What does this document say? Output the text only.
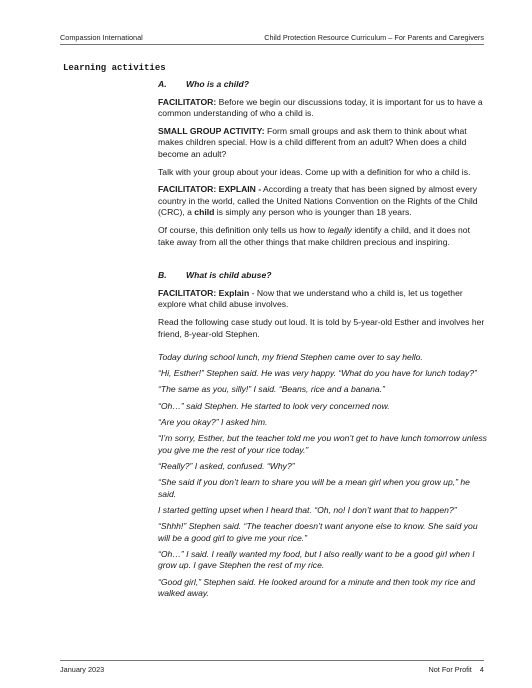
Compassion International	Child Protection Resource Curriculum – For Parents and Caregivers
Learning activities

A. Who is a child?

FACILITATOR: Before we begin our discussions today, it is important for us to have a common understanding of who a child is.

SMALL GROUP ACTIVITY: Form small groups and ask them to think about what makes children special. How is a child different from an adult? When does a child become an adult?

Talk with your group about your ideas. Come up with a definition for who a child is.

FACILITATOR: EXPLAIN - According a treaty that has been signed by almost every country in the world, called the United Nations Convention on the Rights of the Child (CRC), a child is simply any person who is younger than 18 years.

Of course, this definition only tells us how to legally identify a child, and it does not take away from all the other things that make children precious and inspiring.

B. What is child abuse?

FACILITATOR: Explain - Now that we understand who a child is, let us together explore what child abuse involves.

Read the following case study out loud. It is told by 5-year-old Esther and involves her friend, 8-year-old Stephen.

Today during school lunch, my friend Stephen came over to say hello.

“Hi, Esther!” Stephen said. He was very happy. “What do you have for lunch today?”

“The same as you, silly!” I said. “Beans, rice and a banana.”

“Oh…” said Stephen. He started to look very concerned now.

“Are you okay?” I asked him.

“I’m sorry, Esther, but the teacher told me you won’t get to have lunch tomorrow unless you give me the rest of your rice today.”

“Really?” I asked, confused. “Why?”

“She said if you don’t learn to share you will be a mean girl when you grow up,” he said.

I started getting upset when I heard that. “Oh, no! I don’t want that to happen?”

“Shhh!” Stephen said. “The teacher doesn’t want anyone else to know. She said you will be a good girl to give me your rice.”

“Oh…” I said. I really wanted my food, but I also really want to be a good girl when I grow up. I gave Stephen the rest of my rice.

“Good girl,” Stephen said. He looked around for a minute and then took my rice and walked away.

January 2023	Not For Profit    4
